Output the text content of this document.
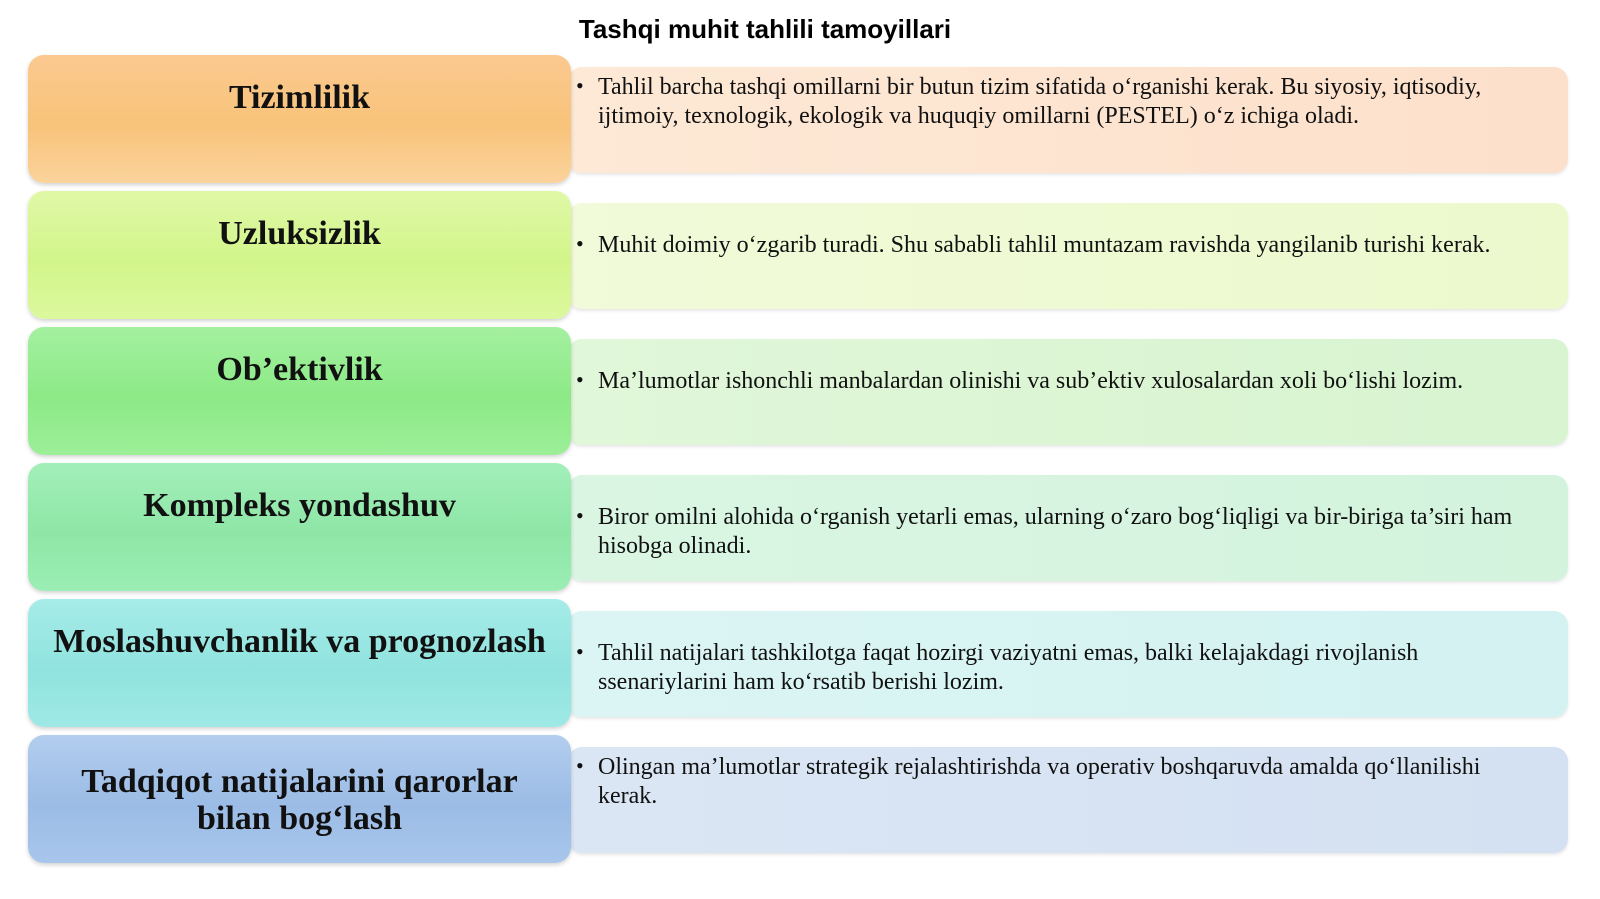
Tashqi muhit tahlili tamoyillari
• Tahlil barcha tashqi omillarni bir butun tizim sifatida o‘rganishi kerak. Bu siyosiy, iqtisodiy, ijtimoiy, texnologik, ekologik va huquqiy omillarni (PESTEL) o‘z ichiga oladi.
Tizimlilik
• Muhit doimiy o‘zgarib turadi. Shu sababli tahlil muntazam ravishda yangilanib turishi kerak.
Uzluksizlik
• Ma’lumotlar ishonchli manbalardan olinishi va sub’ektiv xulosalardan xoli bo‘lishi lozim.
Ob’ektivlik
• Biror omilni alohida o‘rganish yetarli emas, ularning o‘zaro bog‘liqligi va bir-biriga ta’siri ham hisobga olinadi.
Kompleks yondashuv
• Tahlil natijalari tashkilotga faqat hozirgi vaziyatni emas, balki kelajakdagi rivojlanish ssenariylarini ham ko‘rsatib berishi lozim.
Moslashuvchanlik va prognozlash
• Olingan ma’lumotlar strategik rejalashtirishda va operativ boshqaruvda amalda qo‘llanilishi kerak.
Tadqiqot natijalarini qarorlar bilan bog‘lash
